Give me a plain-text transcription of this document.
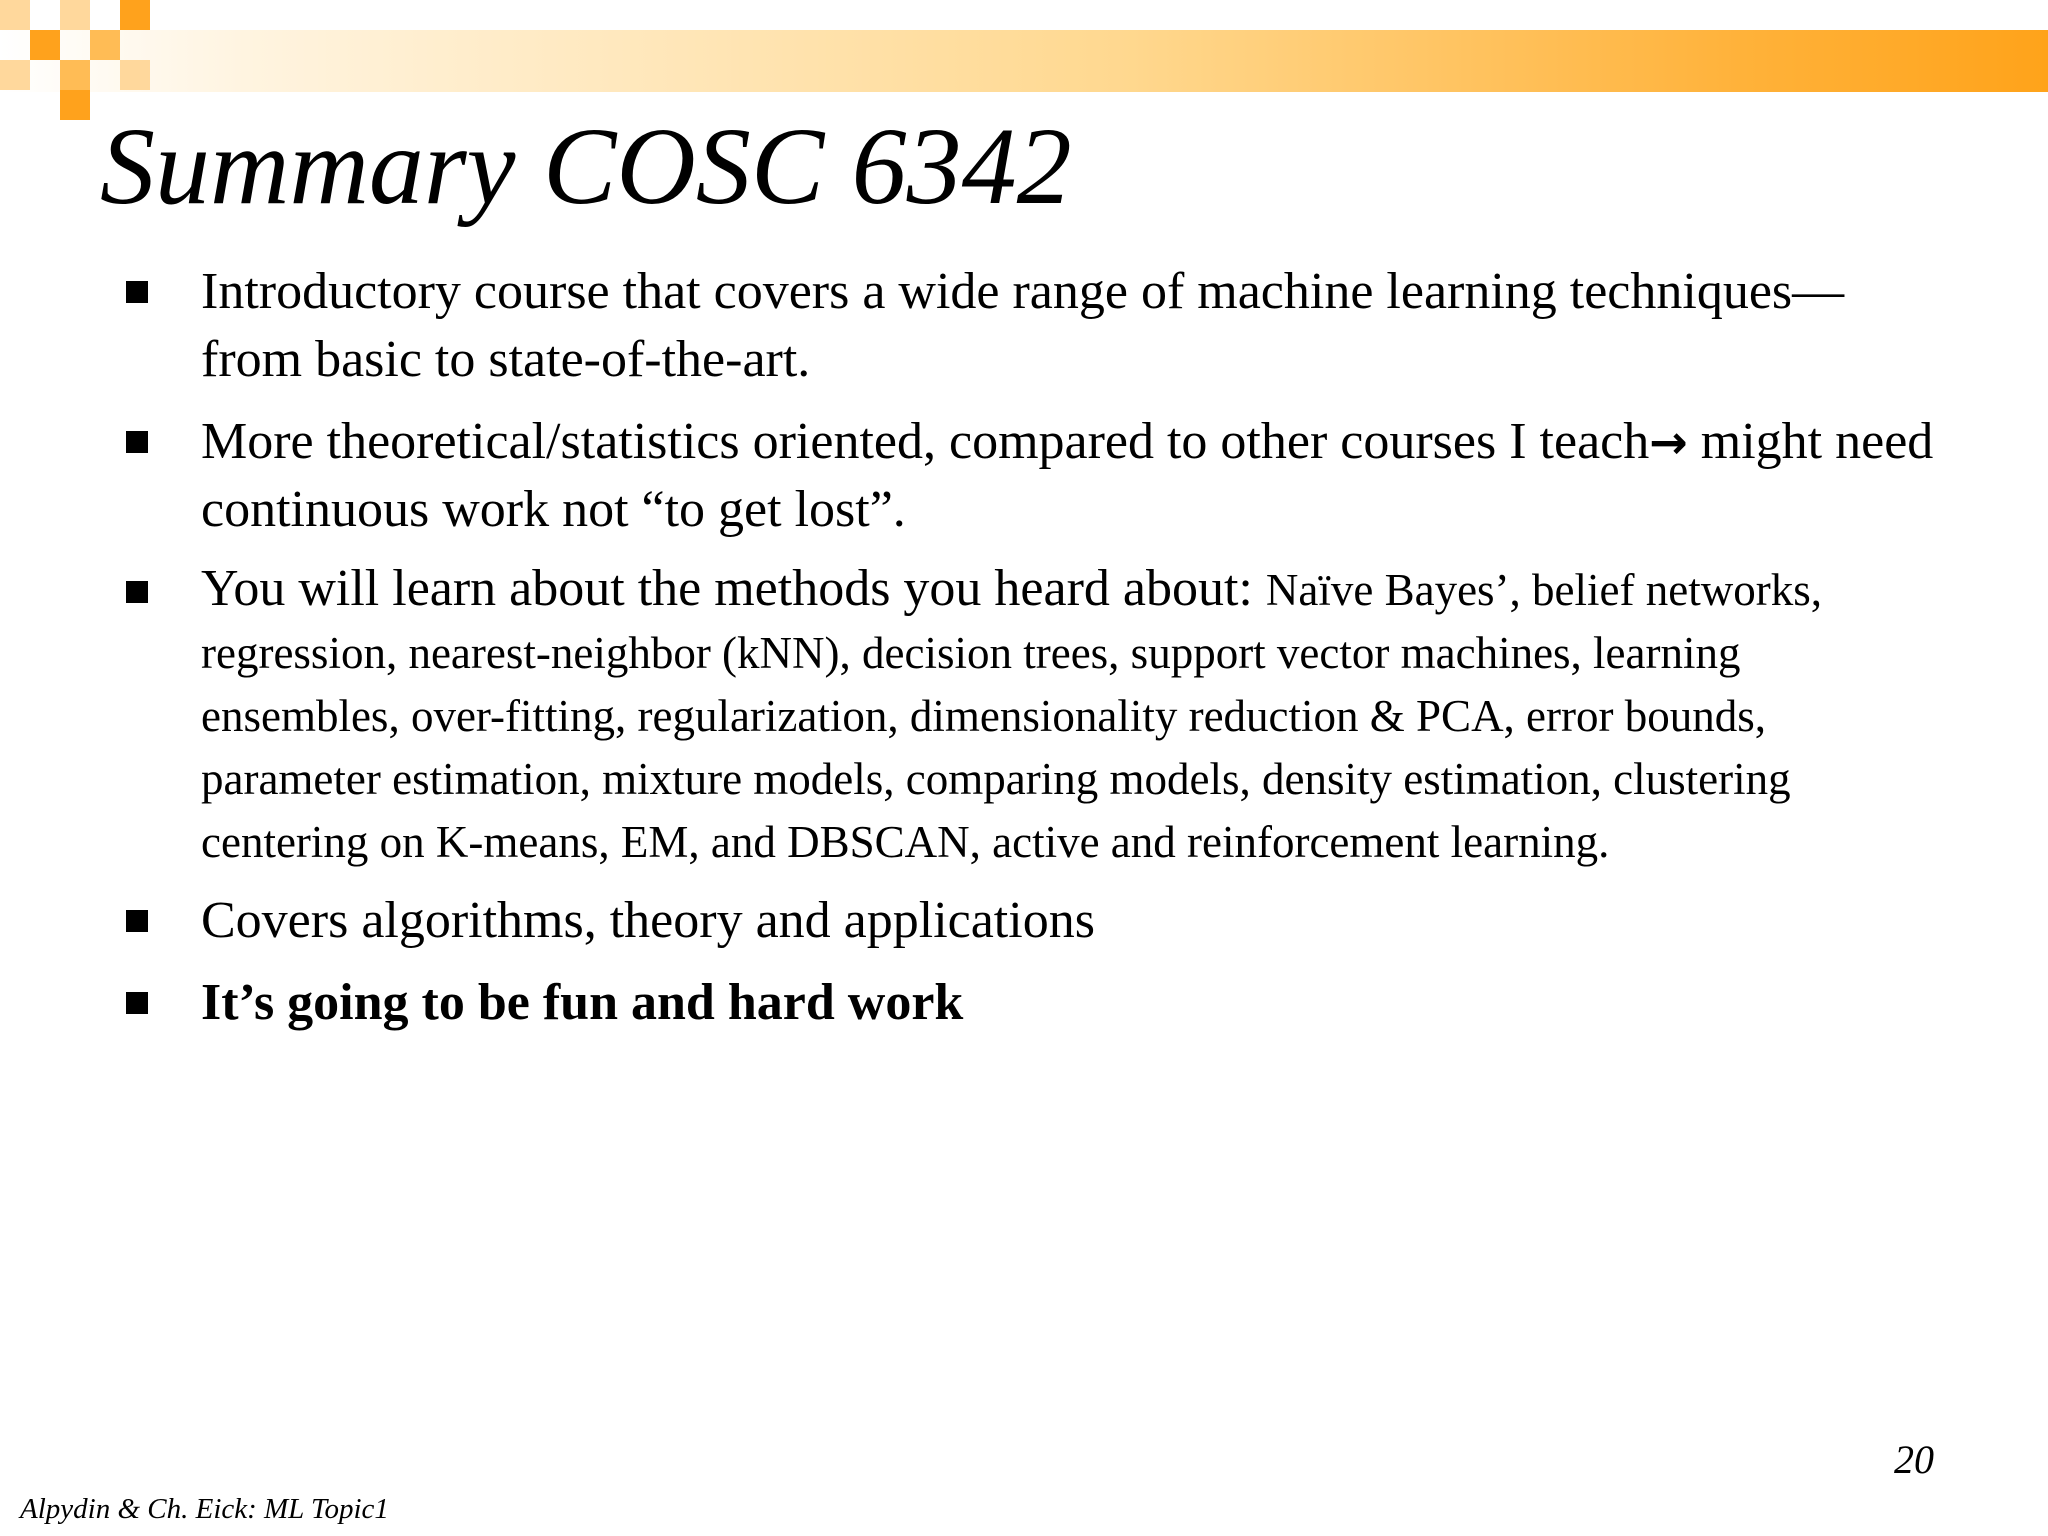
Summary COSC 6342
Introductory course that covers a wide range of machine learning techniques—from basic to state-of-the-art.
More theoretical/statistics oriented, compared to other courses I teach→ might need continuous work not “to get lost”.
You will learn about the methods you heard about: Naïve Bayes’, belief networks, regression, nearest-neighbor (kNN), decision trees, support vector machines, learning ensembles, over-fitting, regularization, dimensionality reduction & PCA, error bounds, parameter estimation, mixture models, comparing models, density estimation, clustering centering on K-means, EM, and DBSCAN, active and reinforcement learning.
Covers algorithms, theory and applications
It’s going to be fun and hard work
20
Alpydin & Ch. Eick: ML Topic1
